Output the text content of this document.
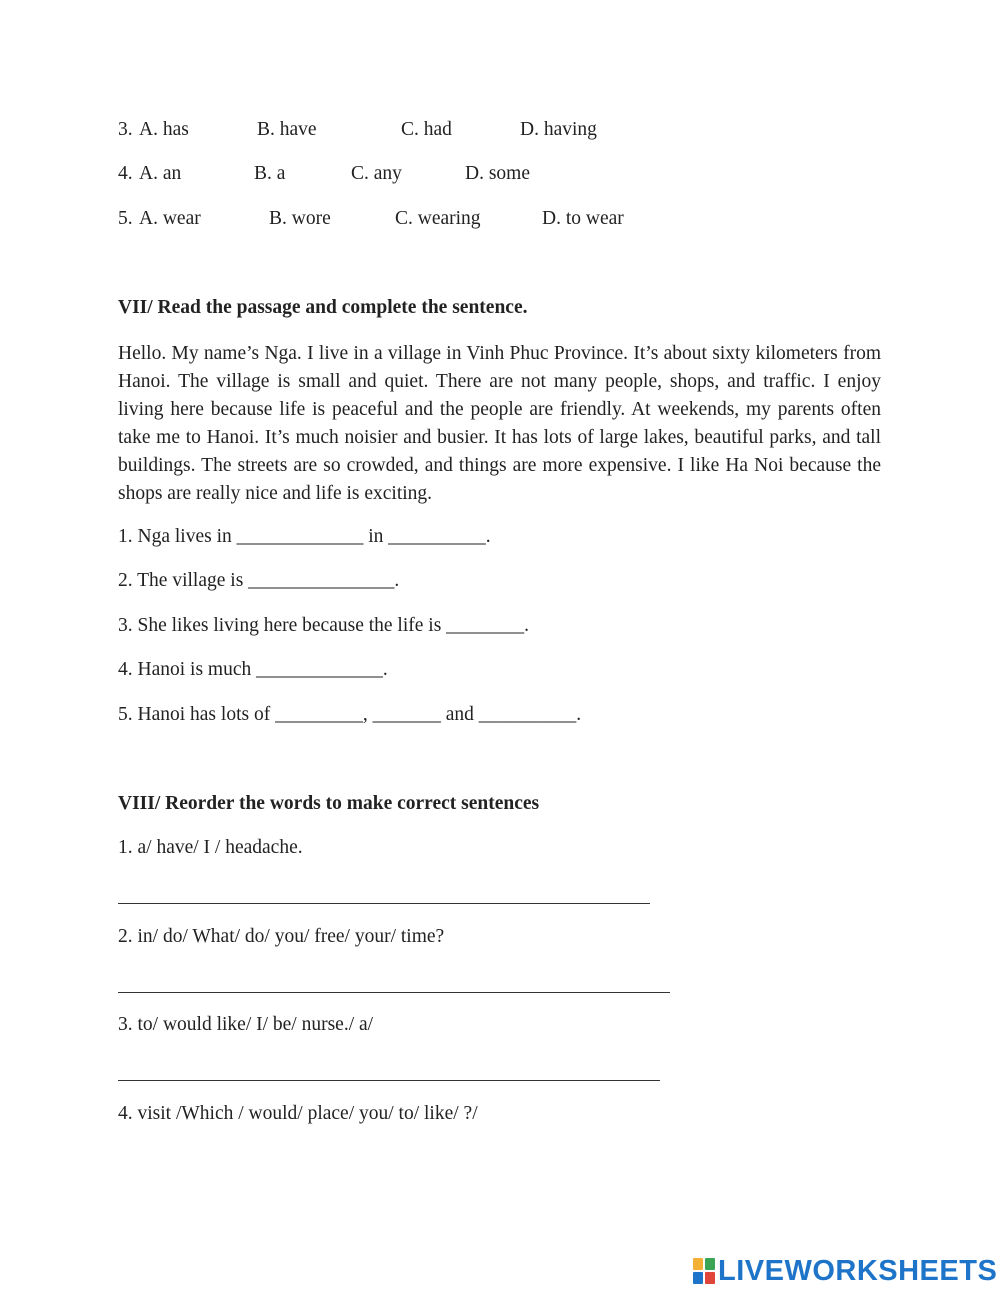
3. A. has	B. have	C. had	D. having
4. A. an	B. a	C. any	D. some
5. A. wear	B. wore	C. wearing	D. to wear
VII/ Read the passage and complete the sentence.
Hello. My name’s Nga. I live in a village in Vinh Phuc Province. It’s about sixty kilometers from Hanoi. The village is small and quiet. There are not many people, shops, and traffic. I enjoy living here because life is peaceful and the people are friendly. At weekends, my parents often take me to Hanoi. It’s much noisier and busier. It has lots of large lakes, beautiful parks, and tall buildings. The streets are so crowded, and things are more expensive. I like Ha Noi because the shops are really nice and life is exciting.
1. Nga lives in _____________ in __________.
2. The village is _______________.
3. She likes living here because the life is ________.
4. Hanoi is much _____________.
5. Hanoi has lots of _________, _______ and __________.
VIII/ Reorder the words to make correct sentences
1. a/ have/ I / headache.
2. in/ do/ What/ do/ you/ free/ your/ time?
3. to/ would like/ I/ be/ nurse./ a/
4. visit /Which / would/ place/ you/ to/ like/ ?/
LIVEWORKSHEETS
